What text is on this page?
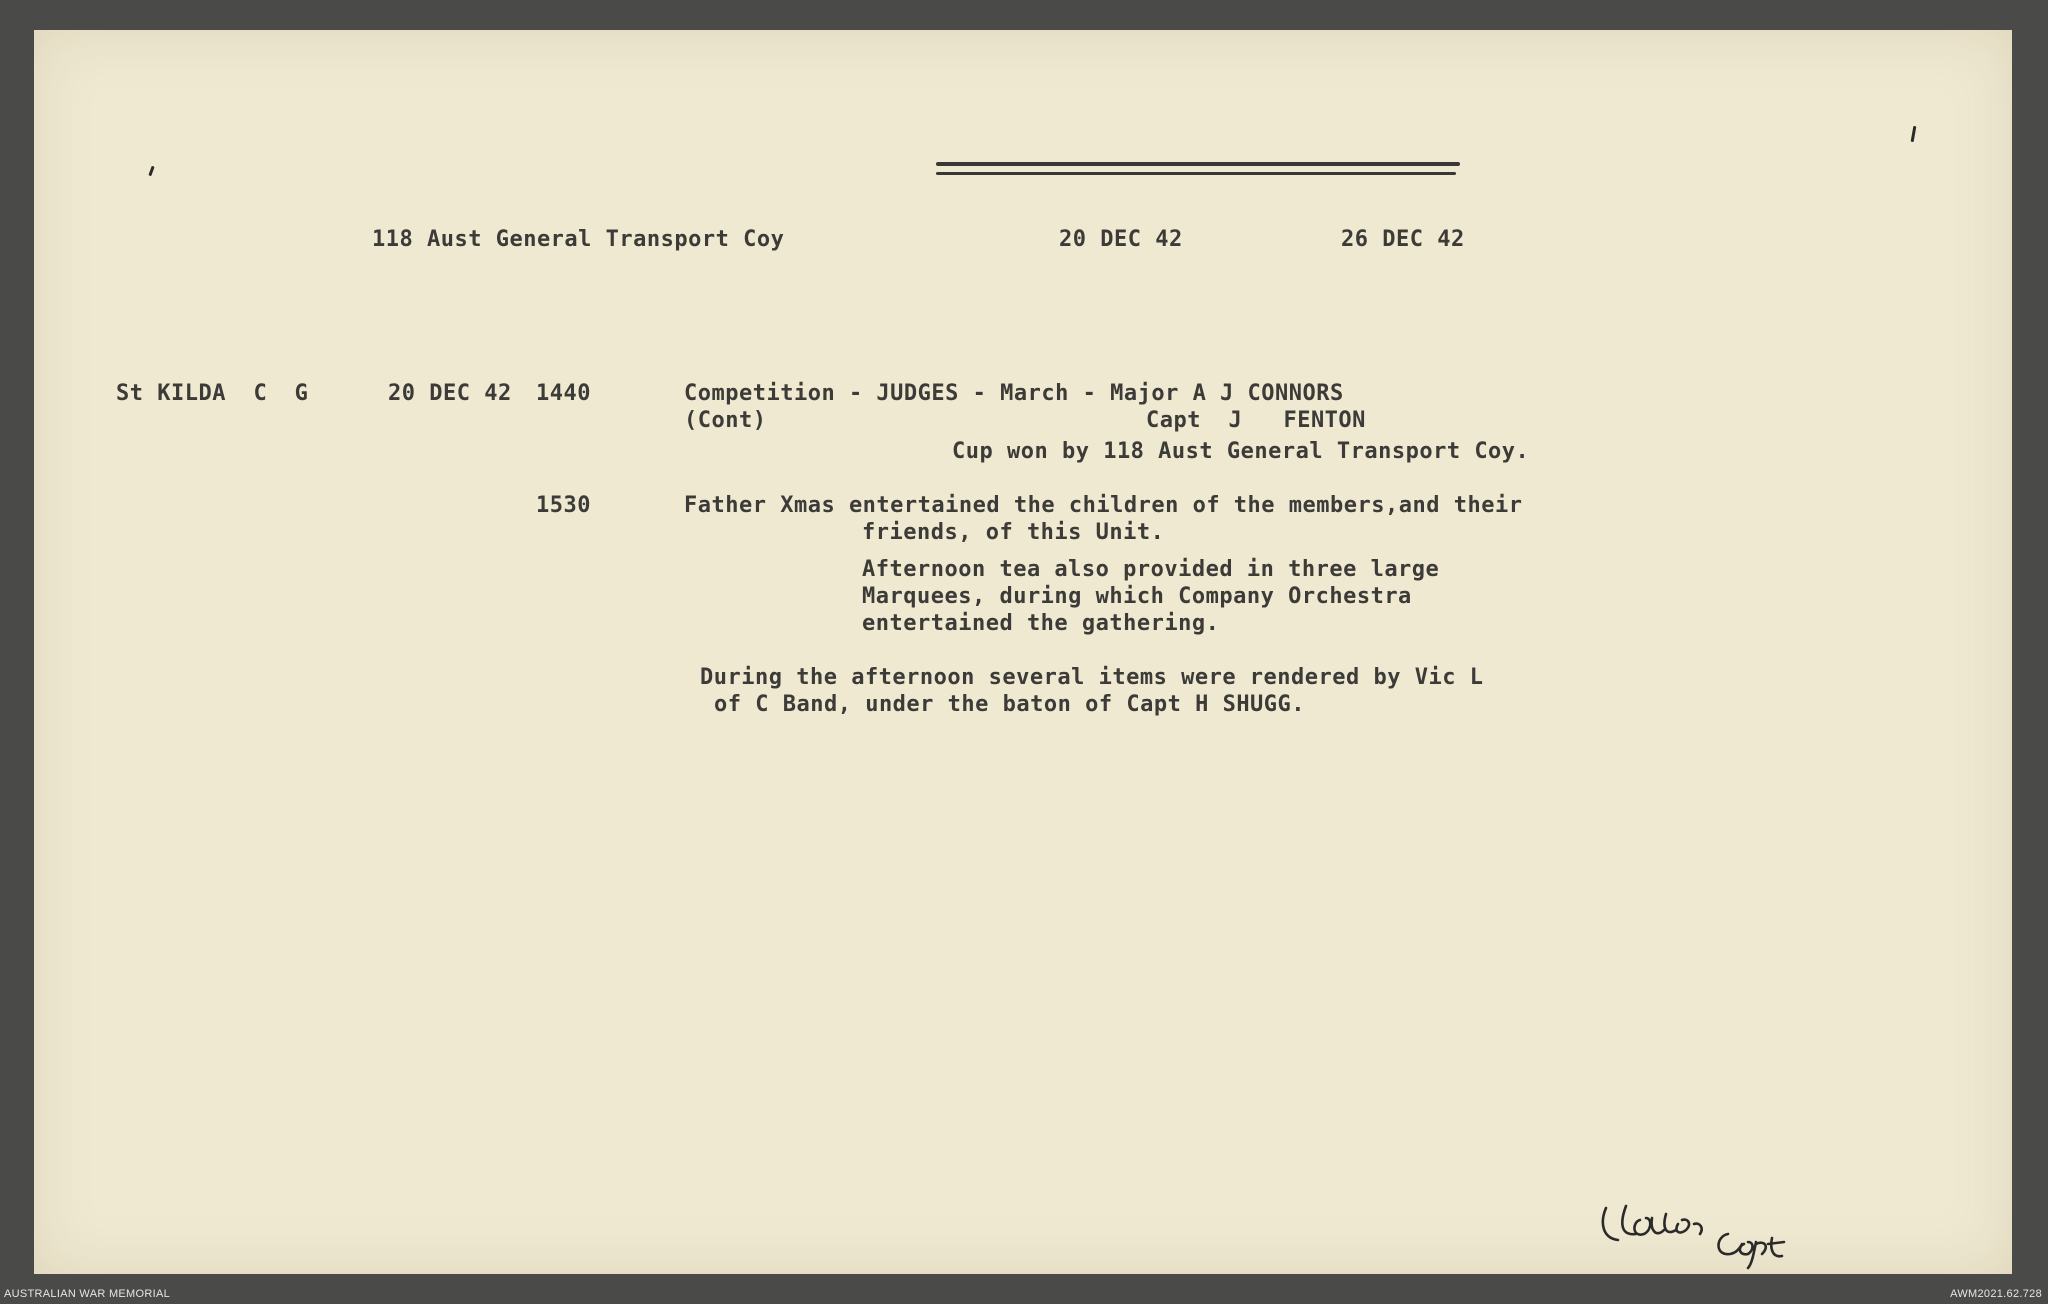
118 Aust General Transport Coy	20 DEC 42	26 DEC 42
St KILDA  C  G	20 DEC 42 1440	Competition - JUDGES - March - Major A J CONNORS
(Cont)	Capt  J   FENTON
Cup won by 118 Aust General Transport Coy.
1530	Father Xmas entertained the children of the members,and their
friends, of this Unit.
Afternoon tea also provided in three large
Marquees, during which Company Orchestra
entertained the gathering.
During the afternoon several items were rendered by Vic L
of C Band, under the baton of Capt H SHUGG.
Capt
AUSTRALIAN WAR MEMORIAL	AWM2021.62.728
